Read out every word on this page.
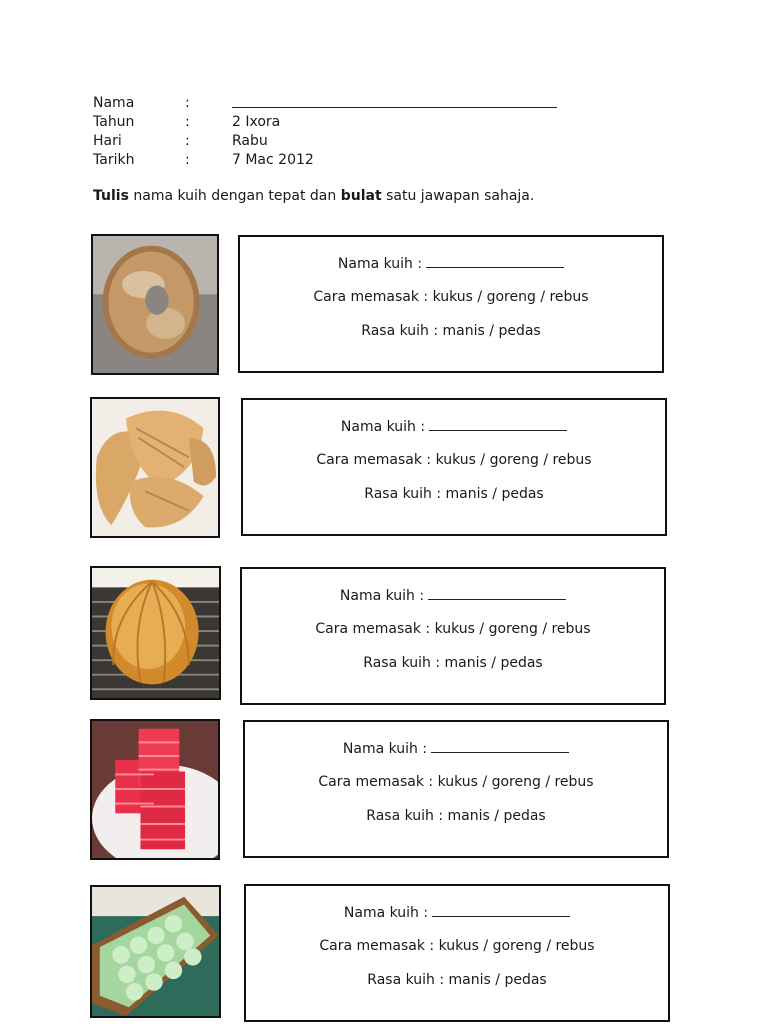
Nama	:
Tahun	:	2 Ixora
Hari	:	Rabu
Tarikh	:	7 Mac 2012
Tulis nama kuih dengan tepat dan bulat satu jawapan sahaja.
Nama kuih :
Cara memasak : kukus / goreng / rebus
Rasa kuih : manis / pedas
Nama kuih :
Cara memasak : kukus / goreng / rebus
Rasa kuih : manis / pedas
Nama kuih :
Cara memasak : kukus / goreng / rebus
Rasa kuih : manis / pedas
Nama kuih :
Cara memasak : kukus / goreng / rebus
Rasa kuih : manis / pedas
Nama kuih :
Cara memasak : kukus / goreng / rebus
Rasa kuih : manis / pedas
